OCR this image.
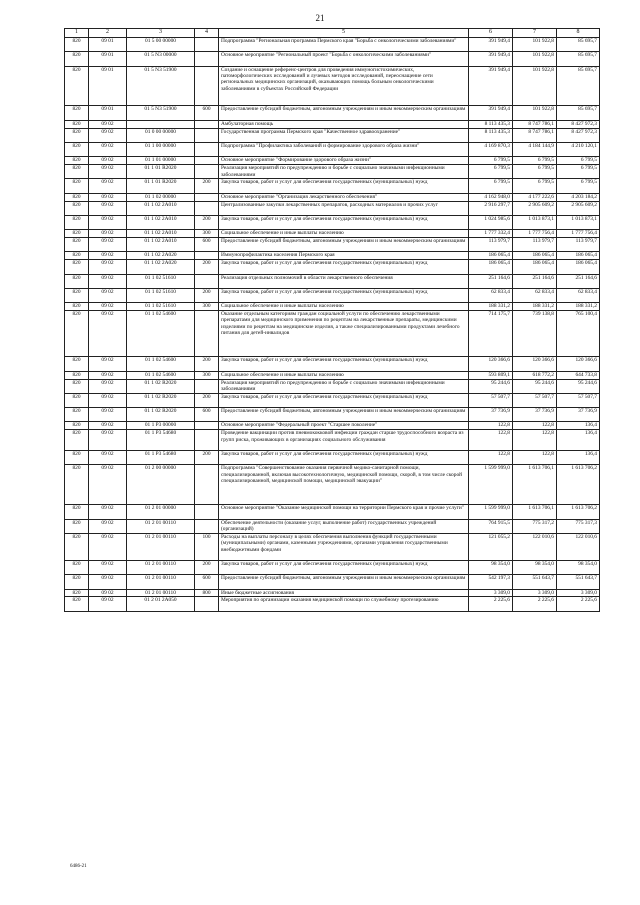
21
1	2	3	4	5	6	7	8
820	09 01	01 5 00 00000		Подпрограмма "Региональная программа Пермского края "Борьба с онкологическими заболеваниями"	391 949,4	101 922,8	85 695,7
820	09 01	01 5 N3 00000		Основное мероприятие "Региональный проект "Борьба с онкологическими заболеваниями"	391 949,4	101 922,8	85 695,7
820	09 01	01 5 N3 51900		Создание и оснащение референс-центров для проведения иммуногистохимических, патоморфологических исследований и лучевых методов исследований, переоснащение сети региональных медицинских организаций, оказывающих помощь больным онкологическими заболеваниями в субъектах Российской Федерации	391 949,4	101 922,8	85 695,7
820	09 01	01 5 N3 51900	600	Предоставление субсидий бюджетным, автономным учреждениям и иным некоммерческим организациям	391 949,4	101 922,8	85 695,7
820	09 02			Амбулаторная помощь	8 113 435,3	8 747 786,1	8 427 972,3
820	09 02	01 0 00 00000		Государственная программа Пермского края "Качественное здравоохранение"	8 113 435,3	8 747 786,1	8 427 972,3
820	09 02	01 1 00 00000		Подпрограмма "Профилактика заболеваний и формирование здорового образа жизни"	4 169 870,3	4 184 144,9	4 210 120,1
820	09 02	01 1 01 00000		Основное мероприятие "Формирование здорового образа жизни"	6 799,5	6 799,5	6 799,5
820	09 02	01 1 01 R2020		Реализация мероприятий по предупреждению и борьбе с социально значимыми инфекционными заболеваниями	6 799,5	6 799,5	6 799,5
820	09 02	01 1 01 R2020	200	Закупка товаров, работ и услуг для обеспечения государственных (муниципальных) нужд	6 799,5	6 799,5	6 799,5
820	09 02	01 1 02 00000		Основное мероприятие "Организация лекарственного обеспечения"	4 162 948,0	4 177 222,6	4 203 184,2
820	09 02	01 1 02 2A010		Централизованные закупки лекарственных препаратов, расходных материалов и прочих услуг	2 916 297,7	2 905 609,2	2 905 609,2
820	09 02	01 1 02 2A010	200	Закупка товаров, работ и услуг для обеспечения государственных (муниципальных) нужд	1 024 985,6	1 013 873,1	1 013 873,1
820	09 02	01 1 02 2A010	300	Социальное обеспечение и иные выплаты населению	1 777 332,4	1 777 756,4	1 777 756,4
820	09 02	01 1 02 2A010	600	Предоставление субсидий бюджетным, автономным учреждениям и иным некоммерческим организациям	113 979,7	113 979,7	113 979,7
820	09 02	01 1 02 2A020		Иммунопрофилактика населения Пермского края	186 065,4	186 065,4	186 065,4
820	09 02	01 1 02 2A020	200	Закупка товаров, работ и услуг для обеспечения государственных (муниципальных) нужд	186 065,4	186 065,4	186 065,4
820	09 02	01 1 02 51610		Реализация отдельных полномочий в области лекарственного обеспечения	251 164,6	251 164,6	251 164,6
820	09 02	01 1 02 51610	200	Закупка товаров, работ и услуг для обеспечения государственных (муниципальных) нужд	62 833,4	62 833,4	62 833,4
820	09 02	01 1 02 51610	300	Социальное обеспечение и иные выплаты населению	188 331,2	188 331,2	188 331,2
820	09 02	01 1 02 54600		Оказание отдельным категориям граждан социальной услуги по обеспечению лекарственными препаратами для медицинского применения по рецептам на лекарственные препараты, медицинскими изделиями по рецептам на медицинские изделия, а также специализированными продуктами лечебного питания для детей-инвалидов	714 175,7	739 138,8	765 100,4
820	09 02	01 1 02 54600	200	Закупка товаров, работ и услуг для обеспечения государственных (муниципальных) нужд	120 366,6	120 366,6	120 366,6
820	09 02	01 1 02 54600	300	Социальное обеспечение и иные выплаты населению	593 809,1	618 772,2	644 733,8
820	09 02	01 1 02 R2020		Реализация мероприятий по предупреждению и борьбе с социально значимыми инфекционными заболеваниями	95 244,6	95 244,6	95 244,6
820	09 02	01 1 02 R2020	200	Закупка товаров, работ и услуг для обеспечения государственных (муниципальных) нужд	57 507,7	57 507,7	57 507,7
820	09 02	01 1 02 R2020	600	Предоставление субсидий бюджетным, автономным учреждениям и иным некоммерческим организациям	37 736,9	37 736,9	37 736,9
820	09 02	01 1 P3 00000		Основное мероприятие "Федеральный проект "Старшее поколение"	122,8	122,8	136,4
820	09 02	01 1 P3 54680		Проведение вакцинации против пневмококковой инфекции граждан старше трудоспособного возраста из групп риска, проживающих в организациях социального обслуживания	122,8	122,8	136,4
820	09 02	01 1 P3 54680	200	Закупка товаров, работ и услуг для обеспечения государственных (муниципальных) нужд	122,8	122,8	136,4
820	09 02	01 2 00 00000		Подпрограмма "Совершенствование оказания первичной медико-санитарной помощи, специализированной, включая высокотехнологичную, медицинской помощи, скорой, в том числе скорой специализированной, медицинской помощи, медицинской эвакуации"	1 599 999,0	1 613 706,1	1 613 706,2
820	09 02	01 2 01 00000		Основное мероприятие "Оказание медицинской помощи на территории Пермского края и прочие услуги"	1 599 999,0	1 613 706,1	1 613 706,2
820	09 02	01 2 01 00110		Обеспечение деятельности (оказание услуг, выполнение работ) государственных учреждений (организаций)	764 915,5	775 317,2	775 317,3
820	09 02	01 2 01 00110	100	Расходы на выплаты персоналу в целях обеспечения выполнения функций государственными (муниципальными) органами, казенными учреждениями, органами управления государственными внебюджетными фондами	121 055,2	122 010,6	122 010,6
820	09 02	01 2 01 00110	200	Закупка товаров, работ и услуг для обеспечения государственных (муниципальных) нужд	98 354,0	98 354,0	98 354,0
820	09 02	01 2 01 00110	600	Предоставление субсидий бюджетным, автономным учреждениям и иным некоммерческим организациям	542 197,3	551 643,7	551 643,7
820	09 02	01 2 01 00110	800	Иные бюджетные ассигнования	3 309,0	3 309,0	3 309,0
820	09 02	01 2 01 2A050		Мероприятия по организации оказания медицинской помощи по служебному протезированию	2 225,6	2 225,6	2 225,6
6486-21
